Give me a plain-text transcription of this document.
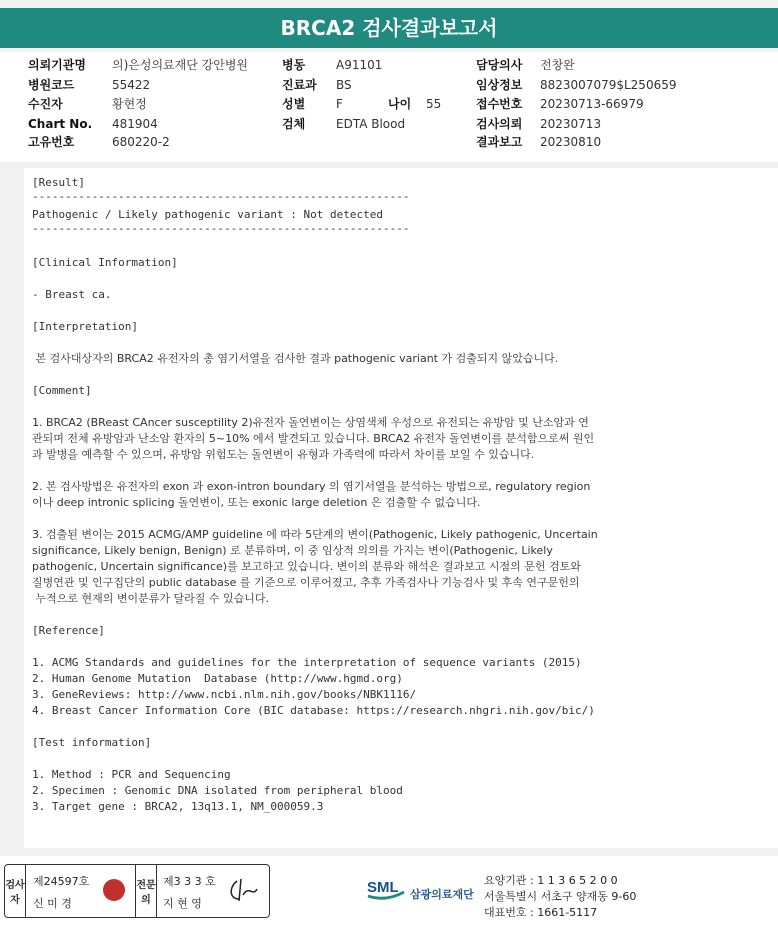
BRCA2 검사결과보고서
의뢰기관명 의)은성의료재단 강안병원
병원코드	55422
수진자	황현정
Chart No. 481904
고유번호	680220-2
병동	A91101
진료과 BS
성별	F	나이 55
검체	EDTA Blood
담당의사 전창완
임상정보 8823007079$L250659
접수번호 20230713-66979
검사의뢰 20230713
결과보고 20230810
[Result]
---------------------------------------------------------
Pathogenic / Likely pathogenic variant : Not detected
---------------------------------------------------------
[Clinical Information]
- Breast ca.
[Interpretation]
본 검사대상자의 BRCA2 유전자의 총 염기서열을 검사한 결과 pathogenic variant 가 검출되지 않았습니다.
[Comment]
1. BRCA2 (BReast CAncer susceptility 2)유전자 돌연변이는 상염색체 우성으로 유전되는 유방암 및 난소암과 연
관되며 전체 유방암과 난소암 환자의 5~10% 에서 발견되고 있습니다. BRCA2 유전자 돌연변이를 분석함으로써 원인
과 발병을 예측할 수 있으며, 유방암 위험도는 돌연변이 유형과 가족력에 따라서 차이를 보일 수 있습니다.
2. 본 검사방법은 유전자의 exon 과 exon-intron boundary 의 염기서열을 분석하는 방법으로, regulatory region
이나 deep intronic splicing 돌연변이, 또는 exonic large deletion 은 검출할 수 없습니다.
3. 검출된 변이는 2015 ACMG/AMP guideline 에 따라 5단계의 변이(Pathogenic, Likely pathogenic, Uncertain
significance, Likely benign, Benign) 로 분류하며, 이 중 임상적 의의를 가지는 변이(Pathogenic, Likely
pathogenic, Uncertain significance)를 보고하고 있습니다. 변이의 분류와 해석은 결과보고 시점의 문헌 검토와
질병연관 및 인구집단의 public database 를 기준으로 이루어졌고, 추후 가족검사나 기능검사 및 후속 연구문헌의
누적으로 현재의 변이분류가 달라질 수 있습니다.
[Reference]
1. ACMG Standards and guidelines for the interpretation of sequence variants (2015)
2. Human Genome Mutation  Database (http://www.hgmd.org)
3. GeneReviews: http://www.ncbi.nlm.nih.gov/books/NBK1116/
4. Breast Cancer Information Core (BIC database: https://research.nhgri.nih.gov/bic/)
[Test information]
1. Method : PCR and Sequencing
2. Specimen : Genomic DNA isolated from peripheral blood
3. Target gene : BRCA2, 13q13.1, NM_000059.3
검사자
제24597호
신 미 경
전문의
제3 3 3 호
지 현 영
SML 삼광의료재단
요양기관 : 1 1 3 6 5 2 0 0
서울특별시 서초구 양재동 9-60
대표번호 : 1661-5117
